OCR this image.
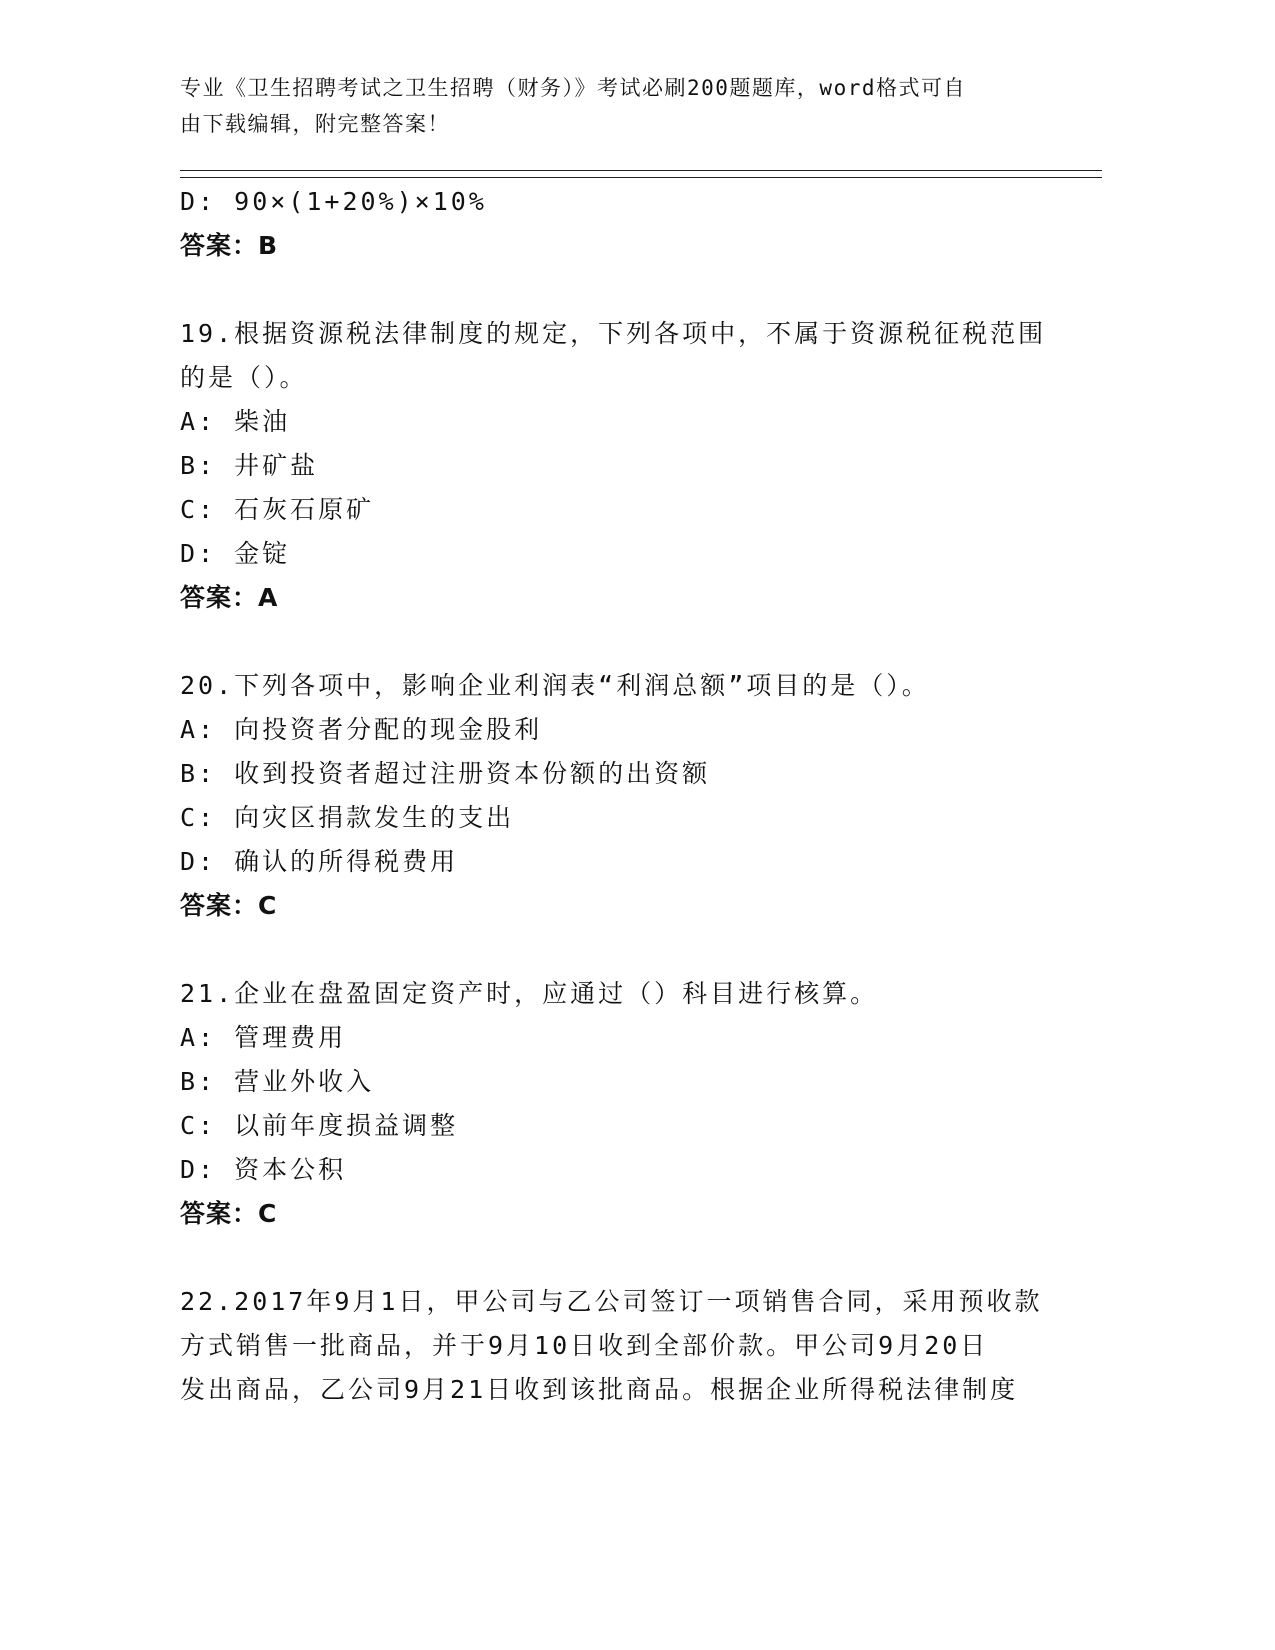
专业《卫生招聘考试之卫生招聘（财务）》考试必刷200题题库，word格式可自
由下载编辑，附完整答案！
D: 90×(1+20%)×10%
答案：B
19.根据资源税法律制度的规定，下列各项中，不属于资源税征税范围
的是（）。
A: 柴油
B: 井矿盐
C: 石灰石原矿
D: 金锭
答案：A
20.下列各项中，影响企业利润表“利润总额”项目的是（）。
A: 向投资者分配的现金股利
B: 收到投资者超过注册资本份额的出资额
C: 向灾区捐款发生的支出
D: 确认的所得税费用
答案：C
21.企业在盘盈固定资产时，应通过（）科目进行核算。
A: 管理费用
B: 营业外收入
C: 以前年度损益调整
D: 资本公积
答案：C
22.2017年9月1日，甲公司与乙公司签订一项销售合同，采用预收款
方式销售一批商品，并于9月10日收到全部价款。甲公司9月20日
发出商品，乙公司9月21日收到该批商品。根据企业所得税法律制度
